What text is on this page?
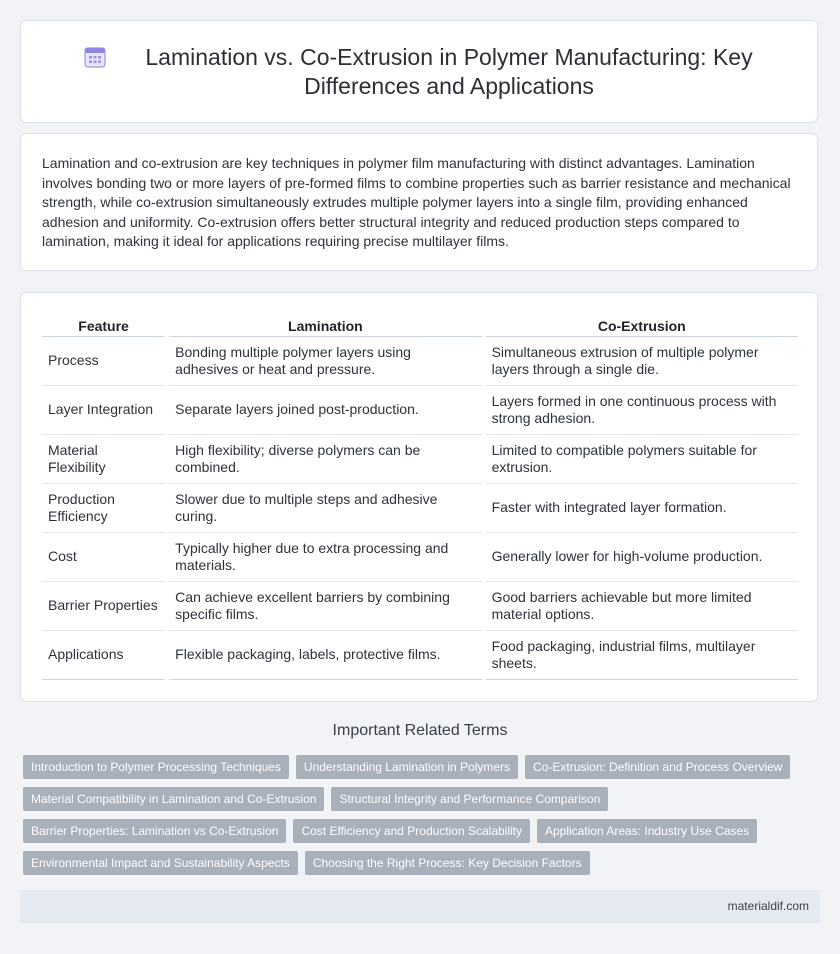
Lamination vs. Co-Extrusion in Polymer Manufacturing: Key Differences and Applications

Lamination and co-extrusion are key techniques in polymer film manufacturing with distinct advantages. Lamination involves bonding two or more layers of pre-formed films to combine properties such as barrier resistance and mechanical strength, while co-extrusion simultaneously extrudes multiple polymer layers into a single film, providing enhanced adhesion and uniformity. Co-extrusion offers better structural integrity and reduced production steps compared to lamination, making it ideal for applications requiring precise multilayer films.

Feature		Lamination		Co-Extrusion
Process		Bonding multiple polymer layers using adhesives or heat and pressure.		Simultaneous extrusion of multiple polymer layers through a single die.
Layer Integration		Separate layers joined post-production.		Layers formed in one continuous process with strong adhesion.
Material Flexibility		High flexibility; diverse polymers can be combined.		Limited to compatible polymers suitable for extrusion.
Production Efficiency		Slower due to multiple steps and adhesive curing.		Faster with integrated layer formation.
Cost		Typically higher due to extra processing and materials.		Generally lower for high-volume production.
Barrier Properties		Can achieve excellent barriers by combining specific films.		Good barriers achievable but more limited material options.
Applications		Flexible packaging, labels, protective films.		Food packaging, industrial films, multilayer sheets.
Important Related Terms
Introduction to Polymer Processing Techniques	Understanding Lamination in Polymers	Co-Extrusion: Definition and Process Overview
Material Compatibility in Lamination and Co-Extrusion	Structural Integrity and Performance Comparison
Barrier Properties: Lamination vs Co-Extrusion	Cost Efficiency and Production Scalability	Application Areas: Industry Use Cases
Environmental Impact and Sustainability Aspects	Choosing the Right Process: Key Decision Factors
materialdif.com
